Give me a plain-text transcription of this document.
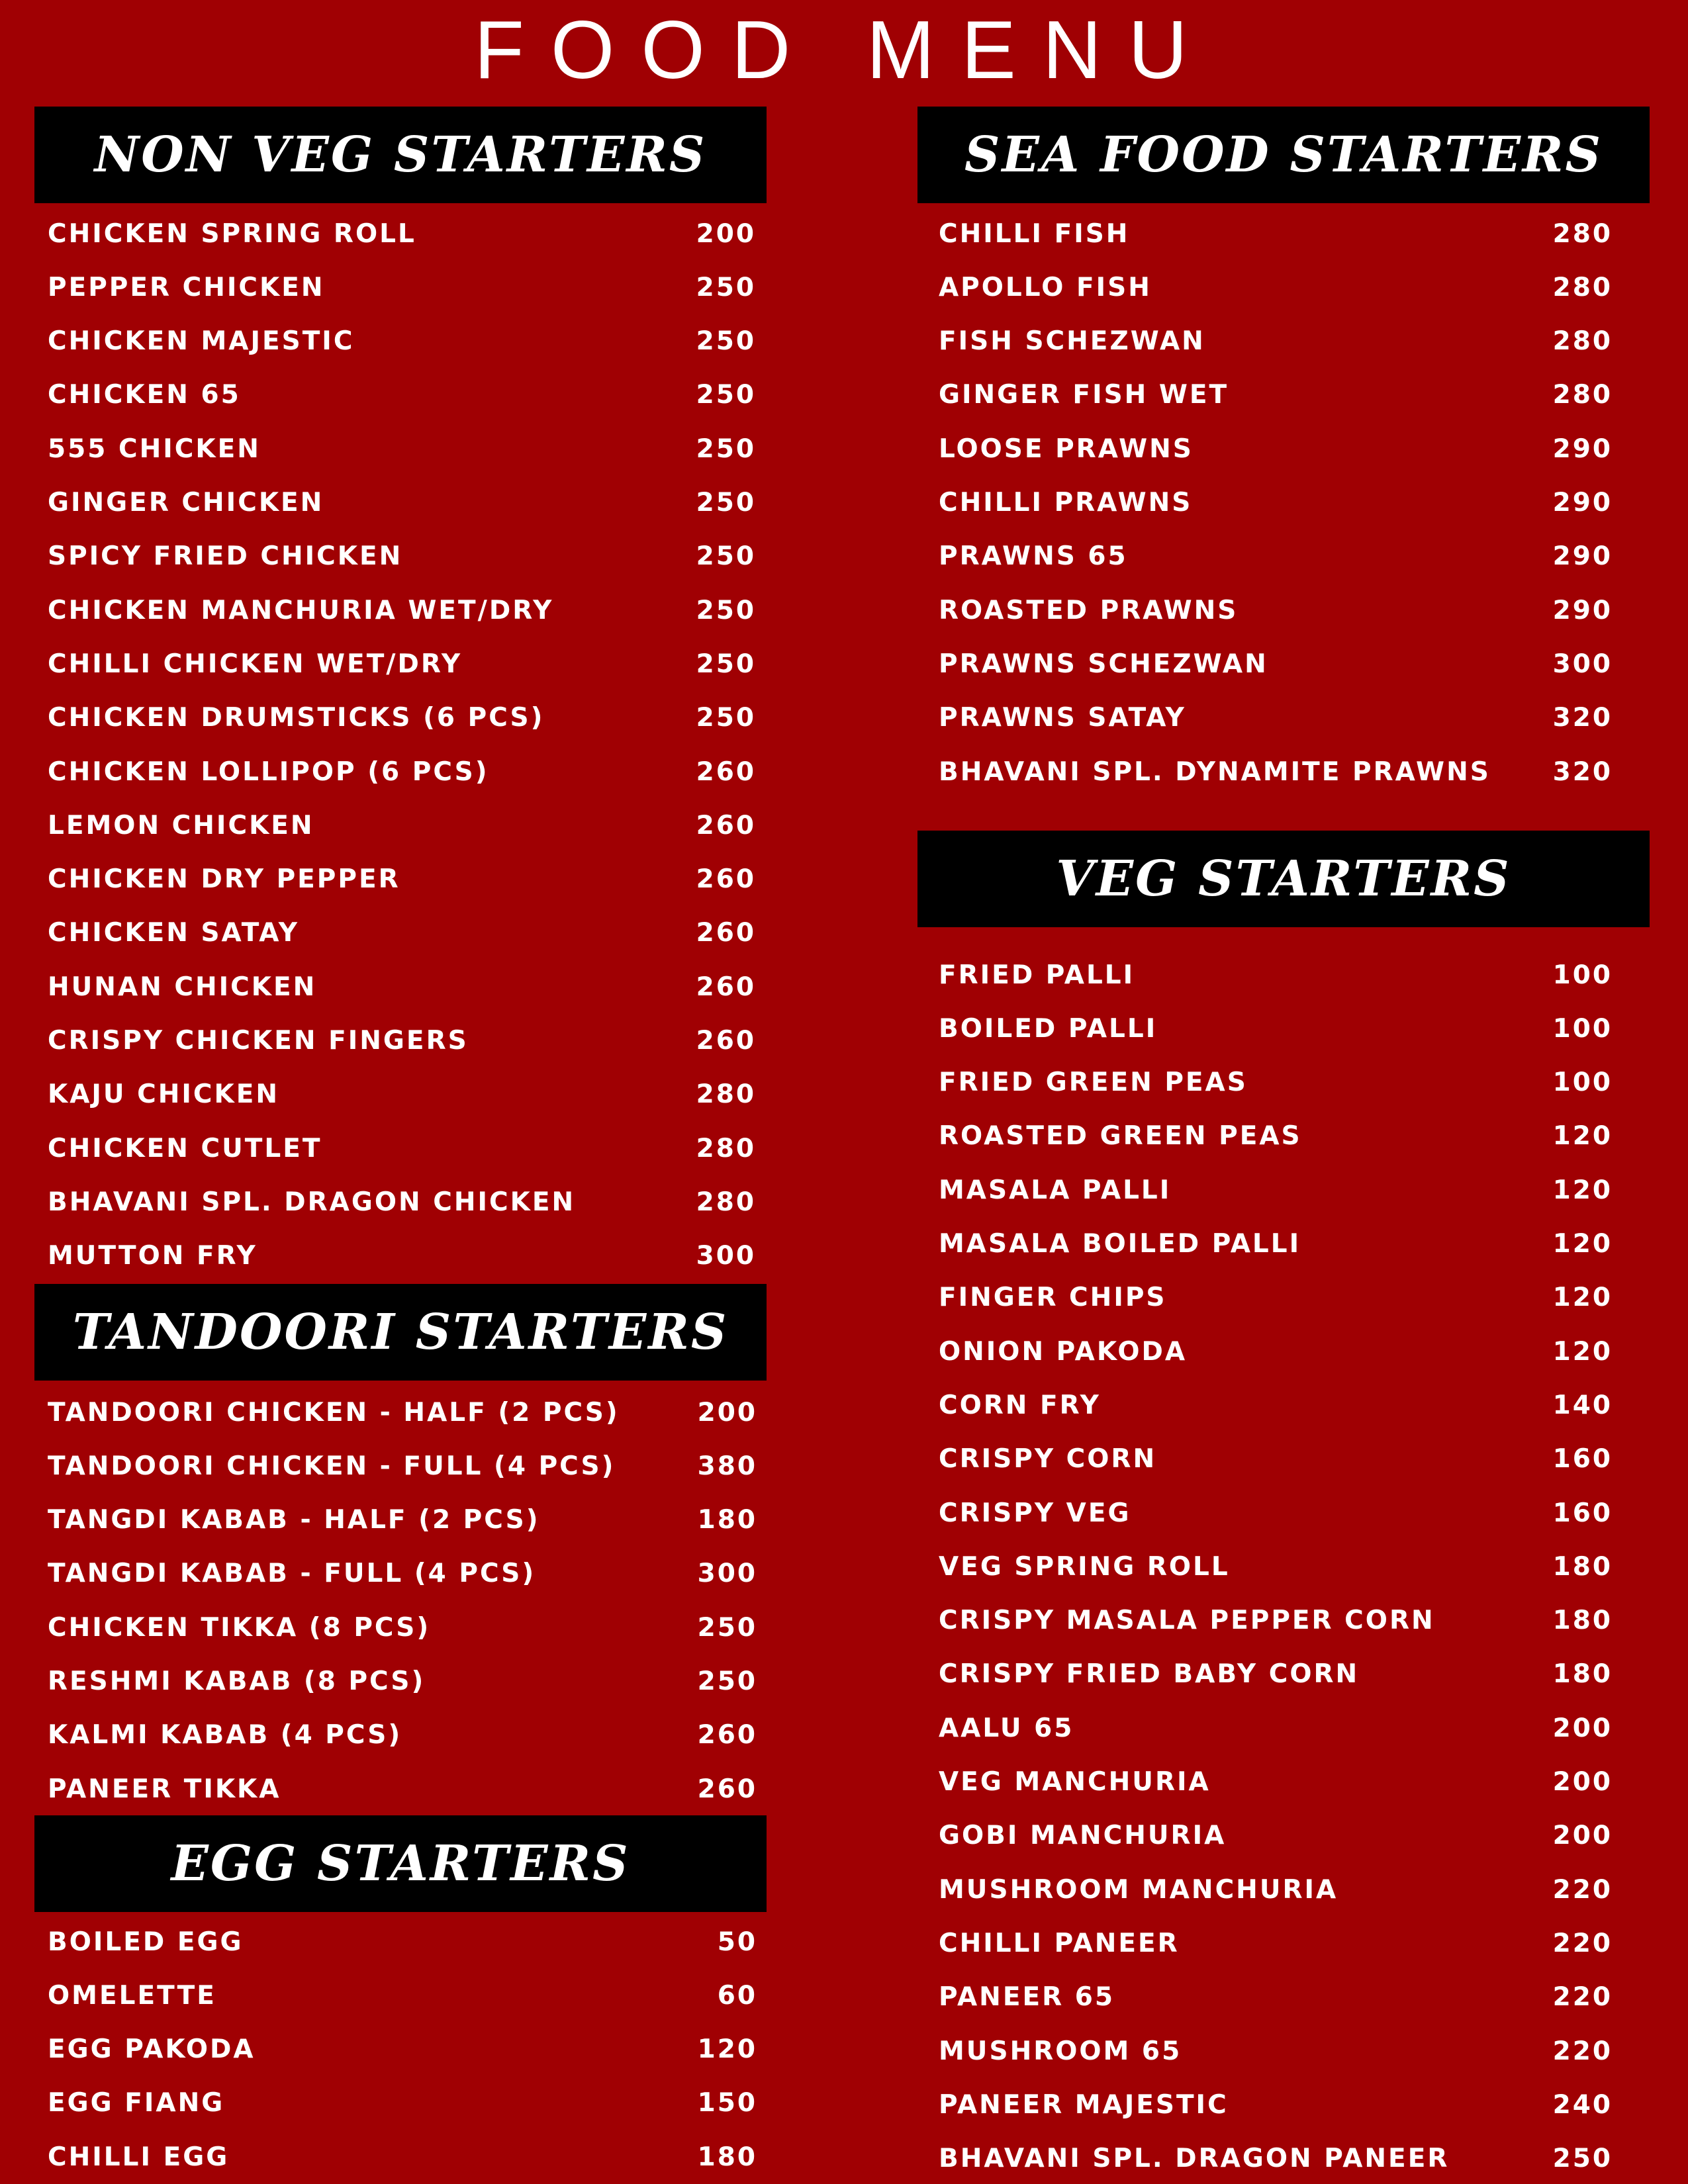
FOOD MENU
NON VEG STARTERS
TANDOORI STARTERS
EGG STARTERS
SEA FOOD STARTERS
VEG STARTERS
CHICKEN SPRING ROLL	200
PEPPER CHICKEN	250
CHICKEN MAJESTIC	250
CHICKEN 65	250
555 CHICKEN	250
GINGER CHICKEN	250
SPICY FRIED CHICKEN	250
CHICKEN MANCHURIA WET/DRY	250
CHILLI CHICKEN WET/DRY	250
CHICKEN DRUMSTICKS (6 PCS)	250
CHICKEN LOLLIPOP (6 PCS)	260
LEMON CHICKEN	260
CHICKEN DRY PEPPER	260
CHICKEN SATAY	260
HUNAN CHICKEN	260
CRISPY CHICKEN FINGERS	260
KAJU CHICKEN	280
CHICKEN CUTLET	280
BHAVANI SPL. DRAGON CHICKEN	280
MUTTON FRY	300
TANDOORI CHICKEN - HALF (2 PCS)	200
TANDOORI CHICKEN - FULL (4 PCS)	380
TANGDI KABAB - HALF (2 PCS)	180
TANGDI KABAB - FULL (4 PCS)	300
CHICKEN TIKKA (8 PCS)	250
RESHMI KABAB (8 PCS)	250
KALMI KABAB (4 PCS)	260
PANEER TIKKA	260
BOILED EGG	50
OMELETTE	60
EGG PAKODA	120
EGG FIANG	150
CHILLI EGG	180
CHILLI FISH	280
APOLLO FISH	280
FISH SCHEZWAN	280
GINGER FISH WET	280
LOOSE PRAWNS	290
CHILLI PRAWNS	290
PRAWNS 65	290
ROASTED PRAWNS	290
PRAWNS SCHEZWAN	300
PRAWNS SATAY	320
BHAVANI SPL. DYNAMITE PRAWNS 320
FRIED PALLI	100
BOILED PALLI	100
FRIED GREEN PEAS	100
ROASTED GREEN PEAS	120
MASALA PALLI	120
MASALA BOILED PALLI	120
FINGER CHIPS	120
ONION PAKODA	120
CORN FRY	140
CRISPY CORN	160
CRISPY VEG	160
VEG SPRING ROLL	180
CRISPY MASALA PEPPER CORN	180
CRISPY FRIED BABY CORN	180
AALU 65	200
VEG MANCHURIA	200
GOBI MANCHURIA	200
MUSHROOM MANCHURIA	220
CHILLI PANEER	220
PANEER 65	220
MUSHROOM 65	220
PANEER MAJESTIC	240
BHAVANI SPL. DRAGON PANEER	250
